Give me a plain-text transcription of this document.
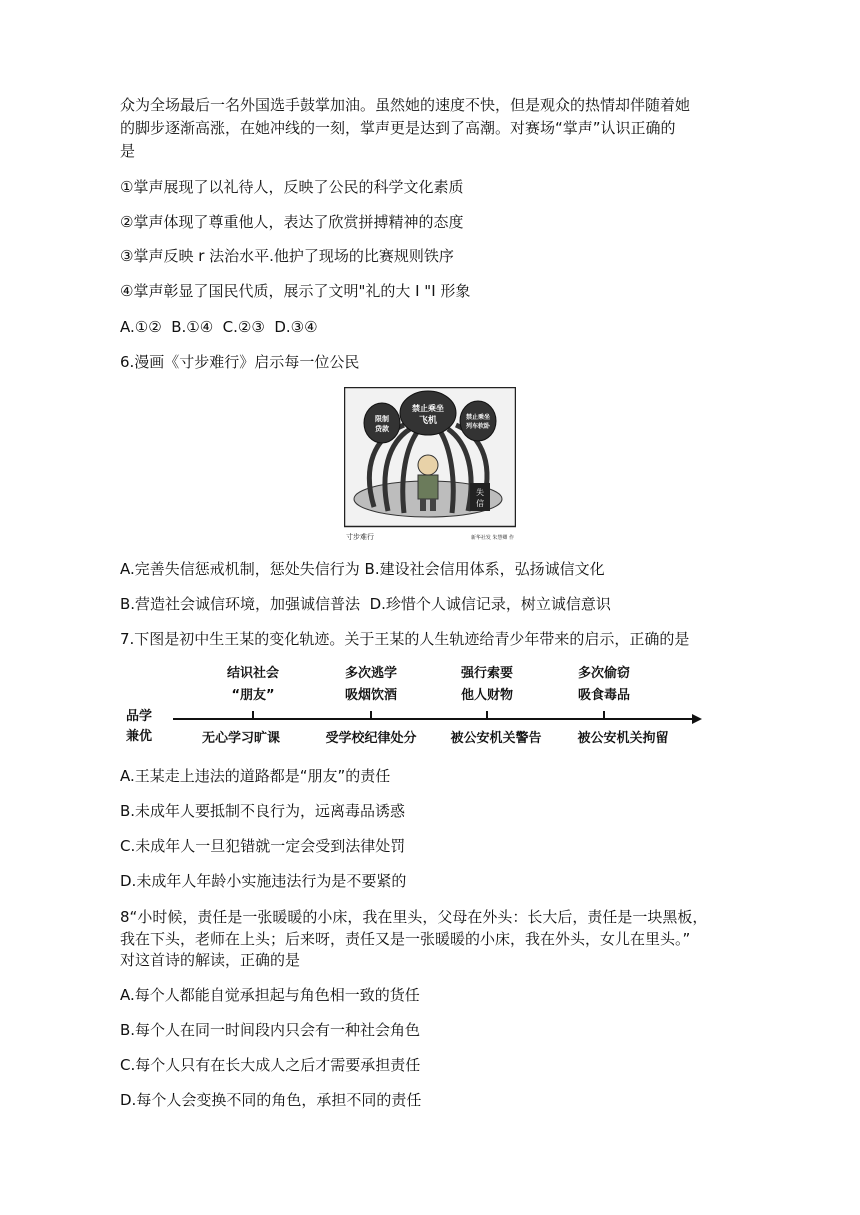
众为全场最后一名外国选手鼓掌加油。虽然她的速度不快，但是观众的热情却伴随着她
的脚步逐渐高涨，在她冲线的一刻，掌声更是达到了高潮。对赛场“掌声”认识正确的
是
①掌声展现了以礼待人，反映了公民的科学文化素质
②掌声体现了尊重他人，表达了欣赏拼搏精神的态度
③掌声反映 r 法治水平.他护了现场的比赛规则铁序
④掌声彰显了国民代质，展示了文明"礼的大 I "I 形象
A.①②  B.①④  C.②③  D.③④
6.漫画《寸步难行》启示每一位公民
限制
贷款
禁止乘坐
飞机	禁止乘坐
列车软卧
失
信
寸步难行	新华社发 朱慧卿 作
A.完善失信惩戒机制，惩处失信行为 B.建设社会信用体系，弘扬诚信文化
B.营造社会诚信环境，加强诚信普法  D.珍惜个人诚信记录，树立诚信意识
7.下图是初中生王某的变化轨迹。关于王某的人生轨迹给青少年带来的启示，正确的是
品学
兼优
结识社会
“朋友”
多次逃学
吸烟饮酒
强行索要
他人财物
多次偷窃
吸食毒品
无心学习旷课	受学校纪律处分	被公安机关警告	被公安机关拘留
A.王某走上违法的道路都是“朋友”的责任
B.未成年人要抵制不良行为，远离毒品诱惑
C.未成年人一旦犯错就一定会受到法律处罚
D.未成年人年龄小实施违法行为是不要紧的
8“小时候，责任是一张暖暖的小床，我在里头，父母在外头：长大后，责任是一块黑板，
我在下头，老师在上头；后来呀，责任又是一张暖暖的小床，我在外头，女儿在里头。”
对这首诗的解读，正确的是
A.每个人都能自觉承担起与角色相一致的货任
B.每个人在同一时间段内只会有一种社会角色
C.每个人只有在长大成人之后才需要承担责任
D.每个人会变换不同的角色，承担不同的责任
